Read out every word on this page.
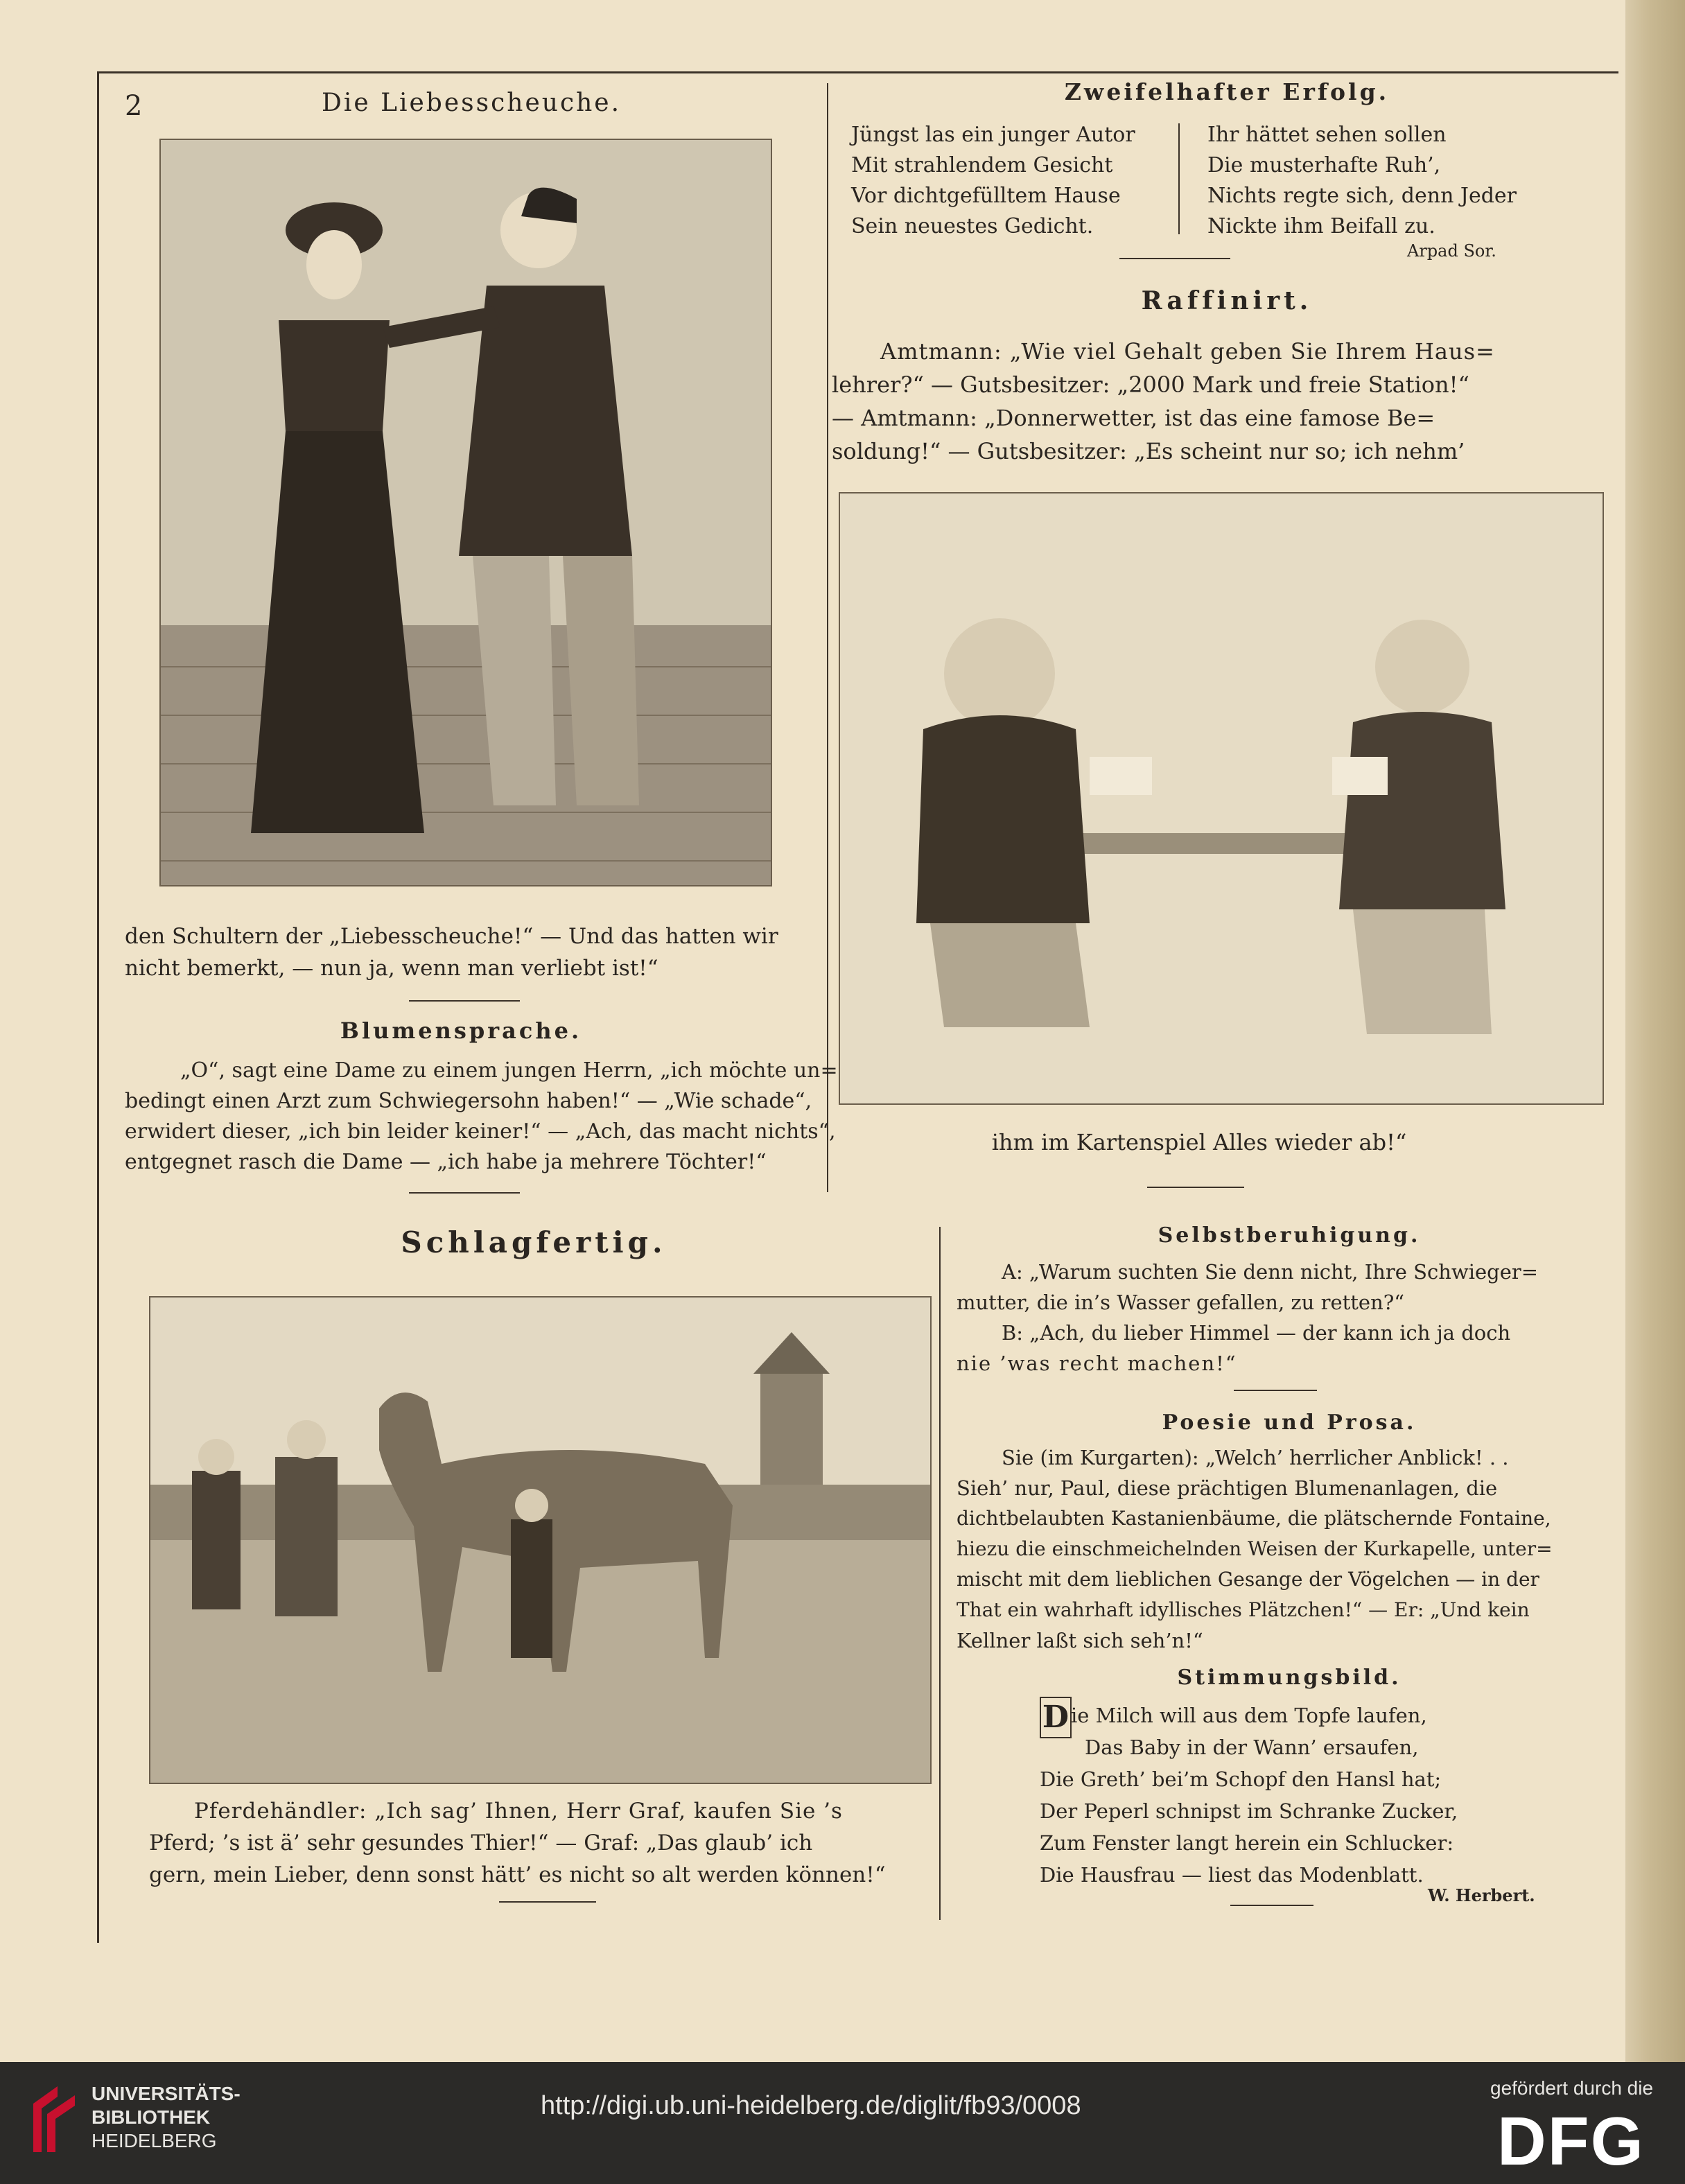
2	Die Liebesscheuche.
den Schultern der „Liebesscheuche!“ — Und das hatten wir
nicht bemerkt, — nun ja, wenn man verliebt ist!“
Blumensprache.
„O“, sagt eine Dame zu einem jungen Herrn, „ich möchte un=
bedingt einen Arzt zum Schwiegersohn haben!“ — „Wie schade“,
erwidert dieser, „ich bin leider keiner!“ — „Ach, das macht nichts“,
entgegnet rasch die Dame — „ich habe ja mehrere Töchter!“
Schlagfertig.
Pferdehändler: „Ich sag’ Ihnen, Herr Graf, kaufen Sie ’s
Pferd; ’s ist ä’ sehr gesundes Thier!“ — Graf: „Das glaub’ ich
gern, mein Lieber, denn sonst hätt’ es nicht so alt werden können!“
Zweifelhafter Erfolg.
Jüngst las ein junger Autor
Mit strahlendem Gesicht
Vor dichtgefülltem Hause
Sein neuestes Gedicht.
Ihr hättet sehen sollen
Die musterhafte Ruh’,
Nichts regte sich, denn Jeder
Nickte ihm Beifall zu.
Arpad Sor.
Raffinirt.
Amtmann: „Wie viel Gehalt geben Sie Ihrem Haus=
lehrer?“ — Gutsbesitzer: „2000 Mark und freie Station!“
— Amtmann: „Donnerwetter, ist das eine famose Be=
soldung!“ — Gutsbesitzer: „Es scheint nur so; ich nehm’
ihm im Kartenspiel Alles wieder ab!“
Selbstberuhigung.
A: „Warum suchten Sie denn nicht, Ihre Schwieger=
mutter, die in’s Wasser gefallen, zu retten?“
B: „Ach, du lieber Himmel — der kann ich ja doch
nie ’was recht machen!“
Poesie und Prosa.
Sie (im Kurgarten): „Welch’ herrlicher Anblick! . .
Sieh’ nur, Paul, diese prächtigen Blumenanlagen, die
dichtbelaubten Kastanienbäume, die plätschernde Fontaine,
hiezu die einschmeichelnden Weisen der Kurkapelle, unter=
mischt mit dem lieblichen Gesange der Vögelchen — in der
That ein wahrhaft idyllisches Plätzchen!“ — Er: „Und kein
Kellner laßt sich seh’n!“
Stimmungsbild.
D ie Milch will aus dem Topfe laufen,
Das Baby in der Wann’ ersaufen,
Die Greth’ bei’m Schopf den Hansl hat;
Der Peperl schnipst im Schranke Zucker,
Zum Fenster langt herein ein Schlucker:
Die Hausfrau — liest das Modenblatt.
W. Herbert.
UNIVERSITÄTS-
BIBLIOTHEK
HEIDELBERG
http://digi.ub.uni-heidelberg.de/diglit/fb93/0008
gefördert durch die
DFG
